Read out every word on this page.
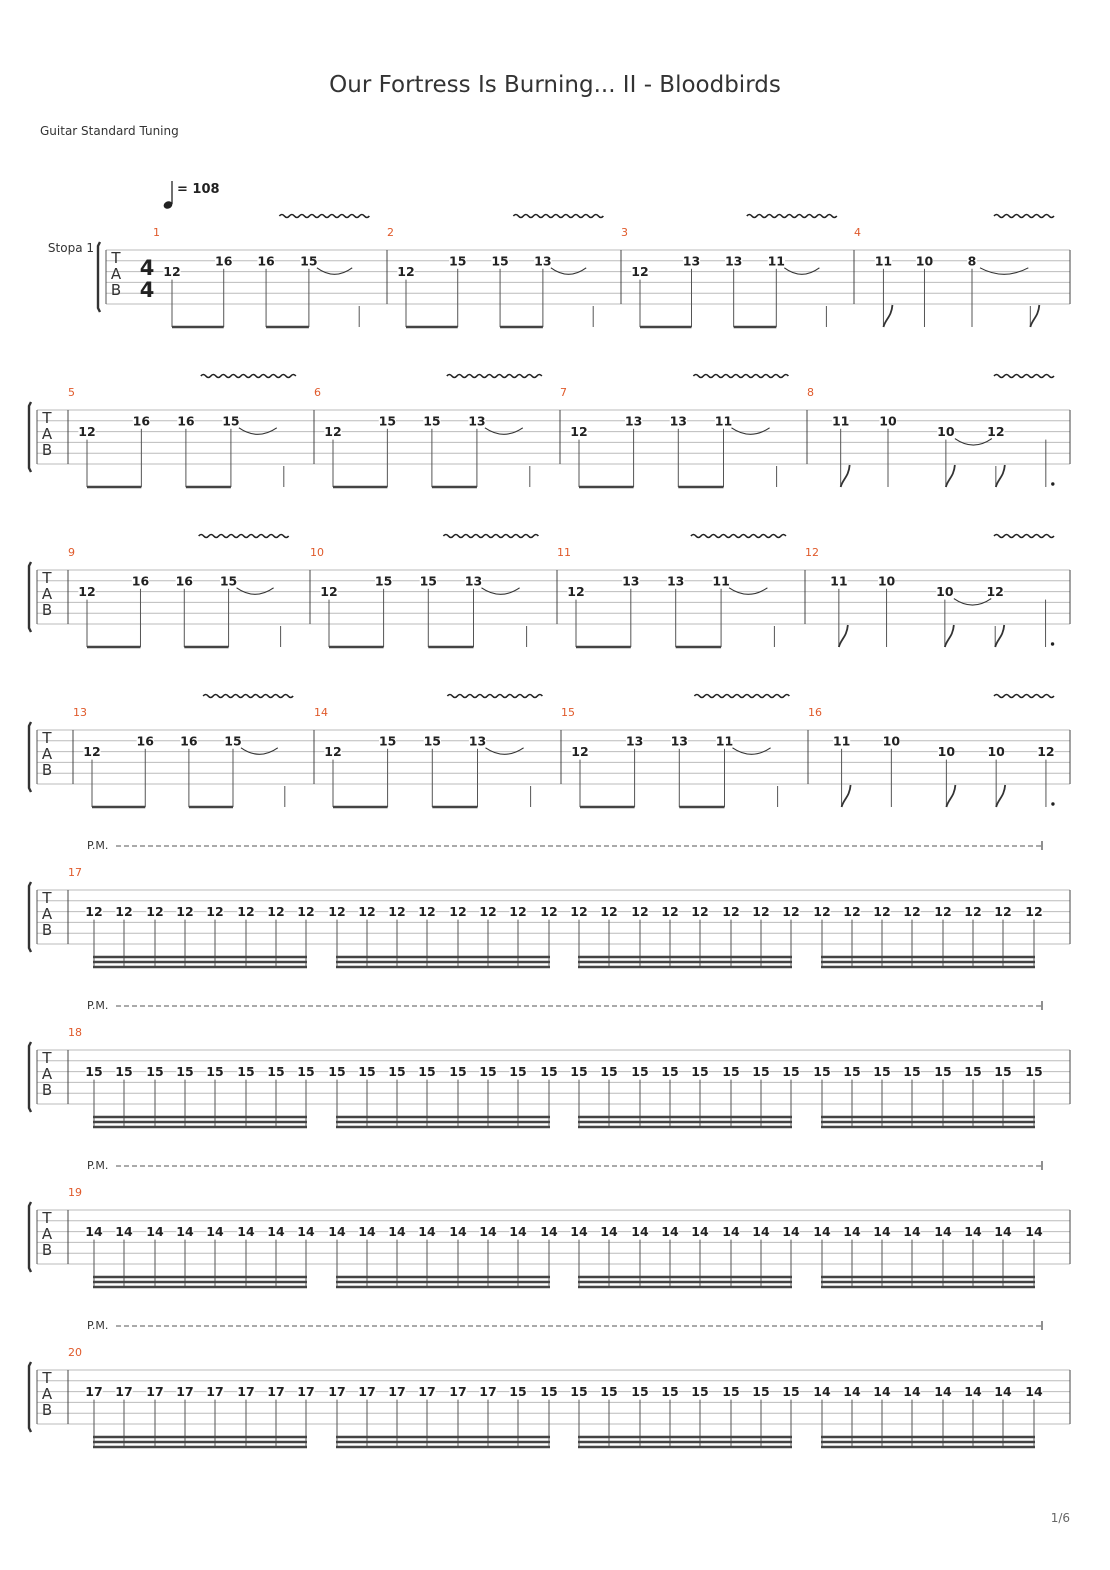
Our Fortress Is Burning... II - Bloodbirds
Guitar Standard Tuning
T
A
B
Stopa 1
4
4
1
12
16 16 15
2
12
15 15 13
3
12
13 13 11
4
11 10	8
T
A
B
5
12
16 16 15
6
12
15 15 13
7
12
13 13 11
8
11 10
10	12
T
A
B
9
12
16 16 15
10
12
15 15 13
11
12
13 13 11
12
11 10
10	12
T
A
B
13
12
16 16 15
14
12
15 15 13
15
12
13 13 11
16
11	10
10	10	12
T
A
B
P.M.
17
12 12 12 12 12 12 12 12 12 12 12 12 12 12 12 12 12 12 12 12 12 12 12 12 12 12 12 12 12 12 12 12
T
A
B
P.M.
18
15 15 15 15 15 15 15 15 15 15 15 15 15 15 15 15 15 15 15 15 15 15 15 15 15 15 15 15 15 15 15 15
T
A
B
P.M.
19
14 14 14 14 14 14 14 14 14 14 14 14 14 14 14 14 14 14 14 14 14 14 14 14 14 14 14 14 14 14 14 14
T
A
B
P.M.
20
17 17 17 17 17 17 17 17 17 17 17 17 17 17 15 15 15 15 15 15 15 15 15 15 14 14 14 14 14 14 14 14
= 108
1/6
